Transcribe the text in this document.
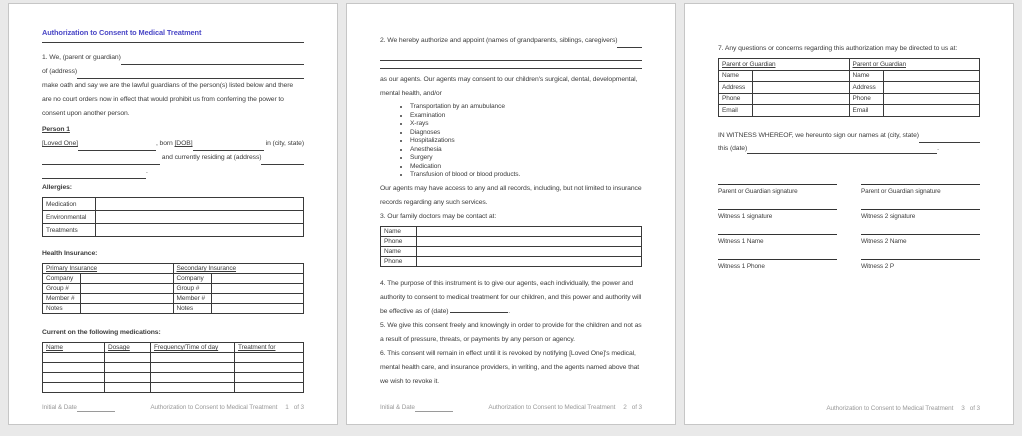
Authorization to Consent to Medical Treatment
1. We, (parent or guardian)
of (address)
make oath and say we are the lawful guardians of the person(s) listed below and there are no court orders now in effect that would prohibit us from conferring the power to consent upon another person.
Person 1
[Loved One]	, born [DOB]	in (city, state)
and currently residing at (address)
.
Allergies:
Medication	
Environmental	
Treatments	
Health Insurance:
Primary Insurance		Secondary Insurance	
Company		Company	
Group #		Group #	
Member #		Member #	
Notes		Notes	
Current on the following medications:
Name	Dosage	Frequency/Time of day	Treatment for

Initial & Date	Authorization to Consent to Medical Treatment 1 of 3
2. We hereby authorize and appoint (names of grandparents, siblings, caregivers)
as our agents. Our agents may consent to our children's surgical, dental, developmental, mental health, and/or
• Transportation by an amubulance
• Examination
• X-rays
• Diagnoses
• Hospitalizations
• Anesthesia
• Surgery
• Medication
• Transfusion of blood or blood products.
Our agents may have access to any and all records, including, but not limited to insurance records regarding any such services.
3. Our family doctors may be contact at:
Name	
Phone	
Name	
Phone	
4. The purpose of this instrument is to give our agents, each individually, the power and authority to consent to medical treatment for our children, and this power and authority will be effective as of (date)	.
5. We give this consent freely and knowingly in order to provide for the children and not as a result of pressure, threats, or payments by any person or agency.
6. This consent will remain in effect until it is revoked by notifying [Loved One]'s medical, mental health care, and insurance providers, in writing, and the agents named above that we wish to revoke it.
Initial & Date	Authorization to Consent to Medical Treatment 2 of 3
7. Any questions or concerns regarding this authorization may be directed to us at:
Parent or Guardian		Parent or Guardian	
Name		Name	
Address		Address	
Phone		Phone	
Email		Email	
IN WITNESS WHEREOF, we hereunto sign our names at (city, state)
this (date)	.
Parent or Guardian signature	Parent or Guardian signature
Witness 1 signature	Witness 2 signature
Witness 1 Name	Witness 2 Name
Witness 1 Phone	Witness 2 P
Authorization to Consent to Medical Treatment 3 of 3
